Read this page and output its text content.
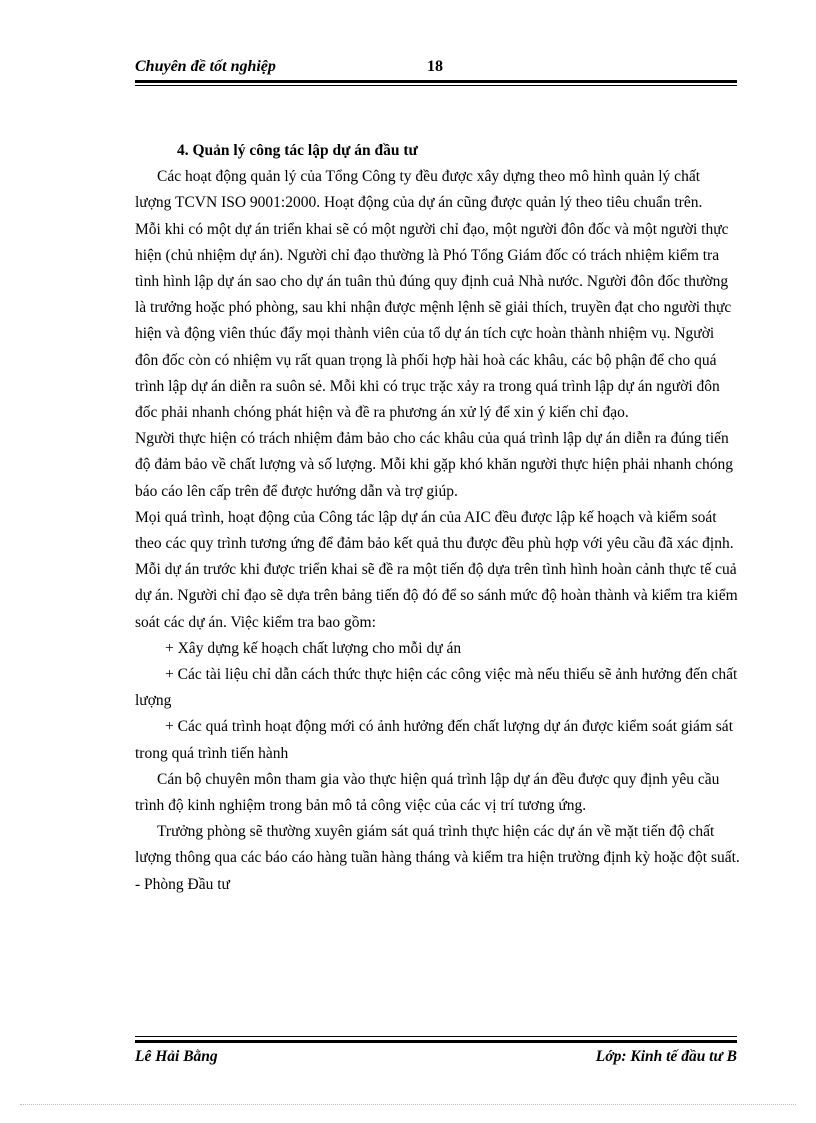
Chuyên đề tốt nghiệp	18
4. Quản lý công tác lập dự án đầu tư

Các hoạt động quản lý của Tổng Công ty đều được xây dựng theo mô hình quản lý chất lượng TCVN ISO 9001:2000. Hoạt động của dự án cũng được quản lý theo tiêu chuẩn trên.

Mỗi khi có một dự án triển khai sẽ có một người chỉ đạo, một người đôn đốc và một người thực hiện (chủ nhiệm dự án). Người chỉ đạo thường là Phó Tổng Giám đốc có trách nhiệm kiểm tra tình hình lập dự án sao cho dự án tuân thủ đúng quy định cuả Nhà nước. Người đôn đốc thường là trưởng hoặc phó phòng, sau khi nhận được mệnh lệnh sẽ giải thích, truyền đạt cho người thực hiện và động viên thúc đẩy mọi thành viên của tổ dự án tích cực hoàn thành nhiệm vụ. Người đôn đốc còn có nhiệm vụ rất quan trọng là phối hợp hài hoà các khâu, các bộ phận để cho quá trình lập dự án diễn ra suôn sẻ. Mỗi khi có trục trặc xảy ra trong quá trình lập dự án người đôn đốc phải nhanh chóng phát hiện và đề ra phương án xử lý để xin ý kiến chỉ đạo.

Người thực hiện có trách nhiệm đảm bảo cho các khâu của quá trình lập dự án diễn ra đúng tiến độ đảm bảo về chất lượng và số lượng. Mỗi khi gặp khó khăn người thực hiện phải nhanh chóng báo cáo lên cấp trên để được hướng dẫn và trợ giúp.

Mọi quá trình, hoạt động của Công tác lập dự án của AIC đều được lập kế hoạch và kiểm soát theo các quy trình tương ứng để đảm bảo kết quả thu được đều phù hợp với yêu cầu đã xác định. Mỗi dự án trước khi được triển khai sẽ đề ra một tiến độ dựa trên tình hình hoàn cảnh thực tế cuả dự án. Người chỉ đạo sẽ dựa trên bảng tiến độ đó để so sánh mức độ hoàn thành và kiểm tra kiểm soát các dự án. Việc kiểm tra bao gồm:

+ Xây dựng kế hoạch chất lượng cho mỗi dự án

+ Các tài liệu chỉ dẫn cách thức thực hiện các công việc mà nếu thiếu sẽ ảnh hưởng đến chất lượng

+ Các quá trình hoạt động mới có ảnh hưởng đến chất lượng dự án được kiểm soát giám sát trong quá trình tiến hành

Cán bộ chuyên môn tham gia vào thực hiện quá trình lập dự án đều được quy định yêu cầu trình độ kinh nghiệm trong bản mô tả công việc của các vị trí tương ứng.

Trưởng phòng sẽ thường xuyên giám sát quá trình thực hiện các dự án về mặt tiến độ chất lượng thông qua các báo cáo hàng tuần hàng tháng và kiểm tra hiện trường định kỳ hoặc đột suất.

- Phòng Đầu tư

Lê Hải Bằng	Lớp: Kinh tế đầu tư B
